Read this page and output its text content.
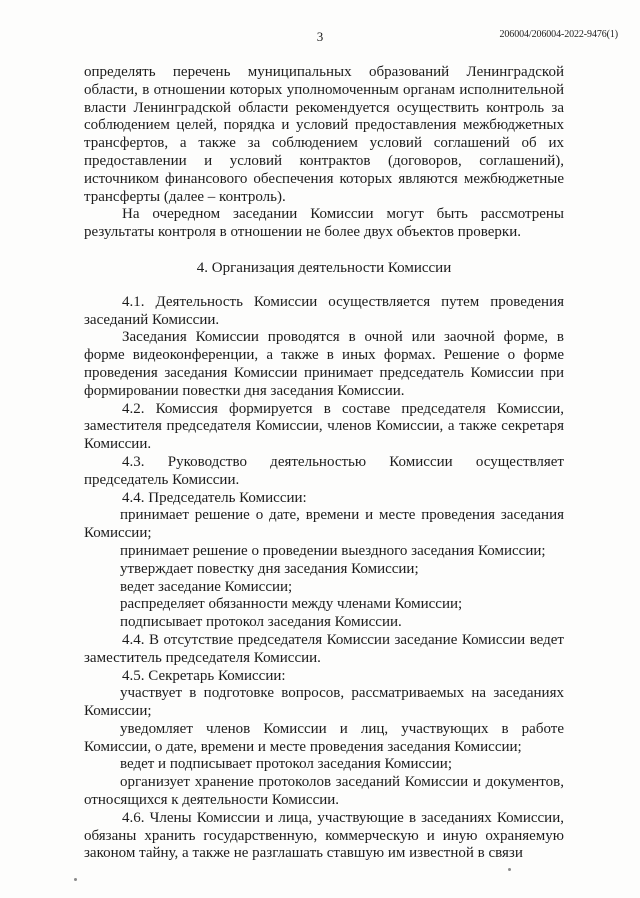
3	206004/206004-2022-9476(1)

определять перечень муниципальных образований Ленинградской области, в отношении которых уполномоченным органам исполнительной власти Ленинградской области рекомендуется осуществить контроль за соблюдением целей, порядка и условий предоставления межбюджетных трансфертов, а также за соблюдением условий соглашений об их предоставлении и условий контрактов (договоров, соглашений), источником финансового обеспечения которых являются межбюджетные трансферты (далее – контроль).

На очередном заседании Комиссии могут быть рассмотрены результаты контроля в отношении не более двух объектов проверки.

4. Организация деятельности Комиссии

4.1. Деятельность Комиссии осуществляется путем проведения заседаний Комиссии.

Заседания Комиссии проводятся в очной или заочной форме, в форме видеоконференции, а также в иных формах. Решение о форме проведения заседания Комиссии принимает председатель Комиссии при формировании повестки дня заседания Комиссии.

4.2. Комиссия формируется в составе председателя Комиссии, заместителя председателя Комиссии, членов Комиссии, а также секретаря Комиссии.

4.3. Руководство деятельностью Комиссии осуществляет председатель Комиссии.

4.4. Председатель Комиссии:

принимает решение о дате, времени и месте проведения заседания Комиссии;

принимает решение о проведении выездного заседания Комиссии;

утверждает повестку дня заседания Комиссии;

ведет заседание Комиссии;

распределяет обязанности между членами Комиссии;

подписывает протокол заседания Комиссии.

4.4. В отсутствие председателя Комиссии заседание Комиссии ведет заместитель председателя Комиссии.

4.5. Секретарь Комиссии:

участвует в подготовке вопросов, рассматриваемых на заседаниях Комиссии;

уведомляет членов Комиссии и лиц, участвующих в работе Комиссии, о дате, времени и месте проведения заседания Комиссии;

ведет и подписывает протокол заседания Комиссии;

организует хранение протоколов заседаний Комиссии и документов, относящихся к деятельности Комиссии.

4.6. Члены Комиссии и лица, участвующие в заседаниях Комиссии, обязаны хранить государственную, коммерческую и иную охраняемую законом тайну, а также не разглашать ставшую им известной в связи
